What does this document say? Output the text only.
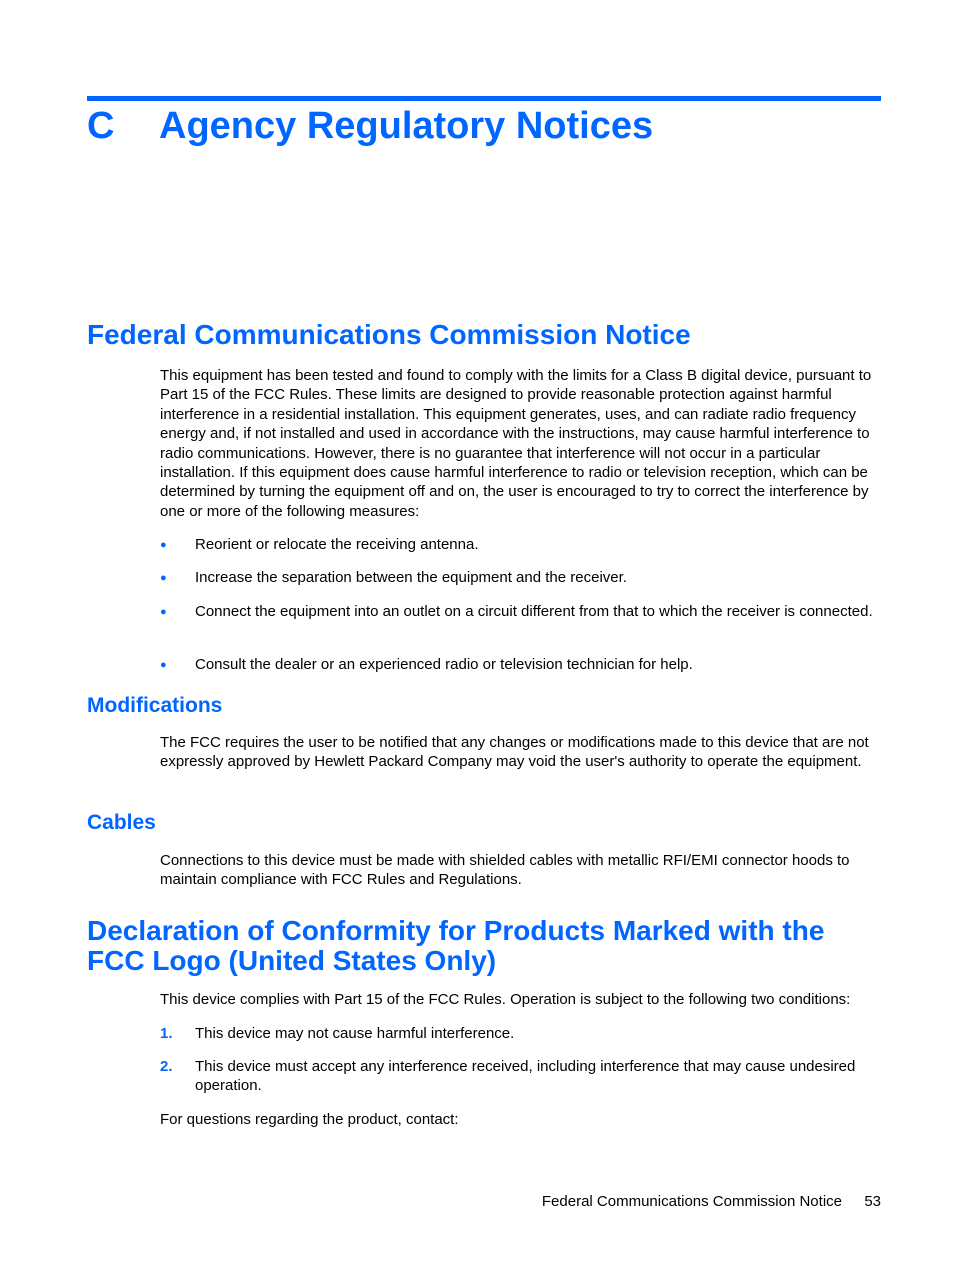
C Agency Regulatory Notices
Federal Communications Commission Notice

This equipment has been tested and found to comply with the limits for a Class B digital device, pursuant to Part 15 of the FCC Rules. These limits are designed to provide reasonable protection against harmful interference in a residential installation. This equipment generates, uses, and can radiate radio frequency energy and, if not installed and used in accordance with the instructions, may cause harmful interference to radio communications. However, there is no guarantee that interference will not occur in a particular installation. If this equipment does cause harmful interference to radio or television reception, which can be determined by turning the equipment off and on, the user is encouraged to try to correct the interference by one or more of the following measures:

● Reorient or relocate the receiving antenna.
● Increase the separation between the equipment and the receiver.
● Connect the equipment into an outlet on a circuit different from that to which the receiver is connected.
● Consult the dealer or an experienced radio or television technician for help.
Modifications

The FCC requires the user to be notified that any changes or modifications made to this device that are not expressly approved by Hewlett Packard Company may void the user's authority to operate the equipment.

Cables

Connections to this device must be made with shielded cables with metallic RFI/EMI connector hoods to maintain compliance with FCC Rules and Regulations.

Declaration of Conformity for Products Marked with the
FCC Logo (United States Only)

This device complies with Part 15 of the FCC Rules. Operation is subject to the following two conditions:

1. This device may not cause harmful interference.
2. This device must accept any interference received, including interference that may cause undesired operation.

For questions regarding the product, contact:

Federal Communications Commission Notice 53
